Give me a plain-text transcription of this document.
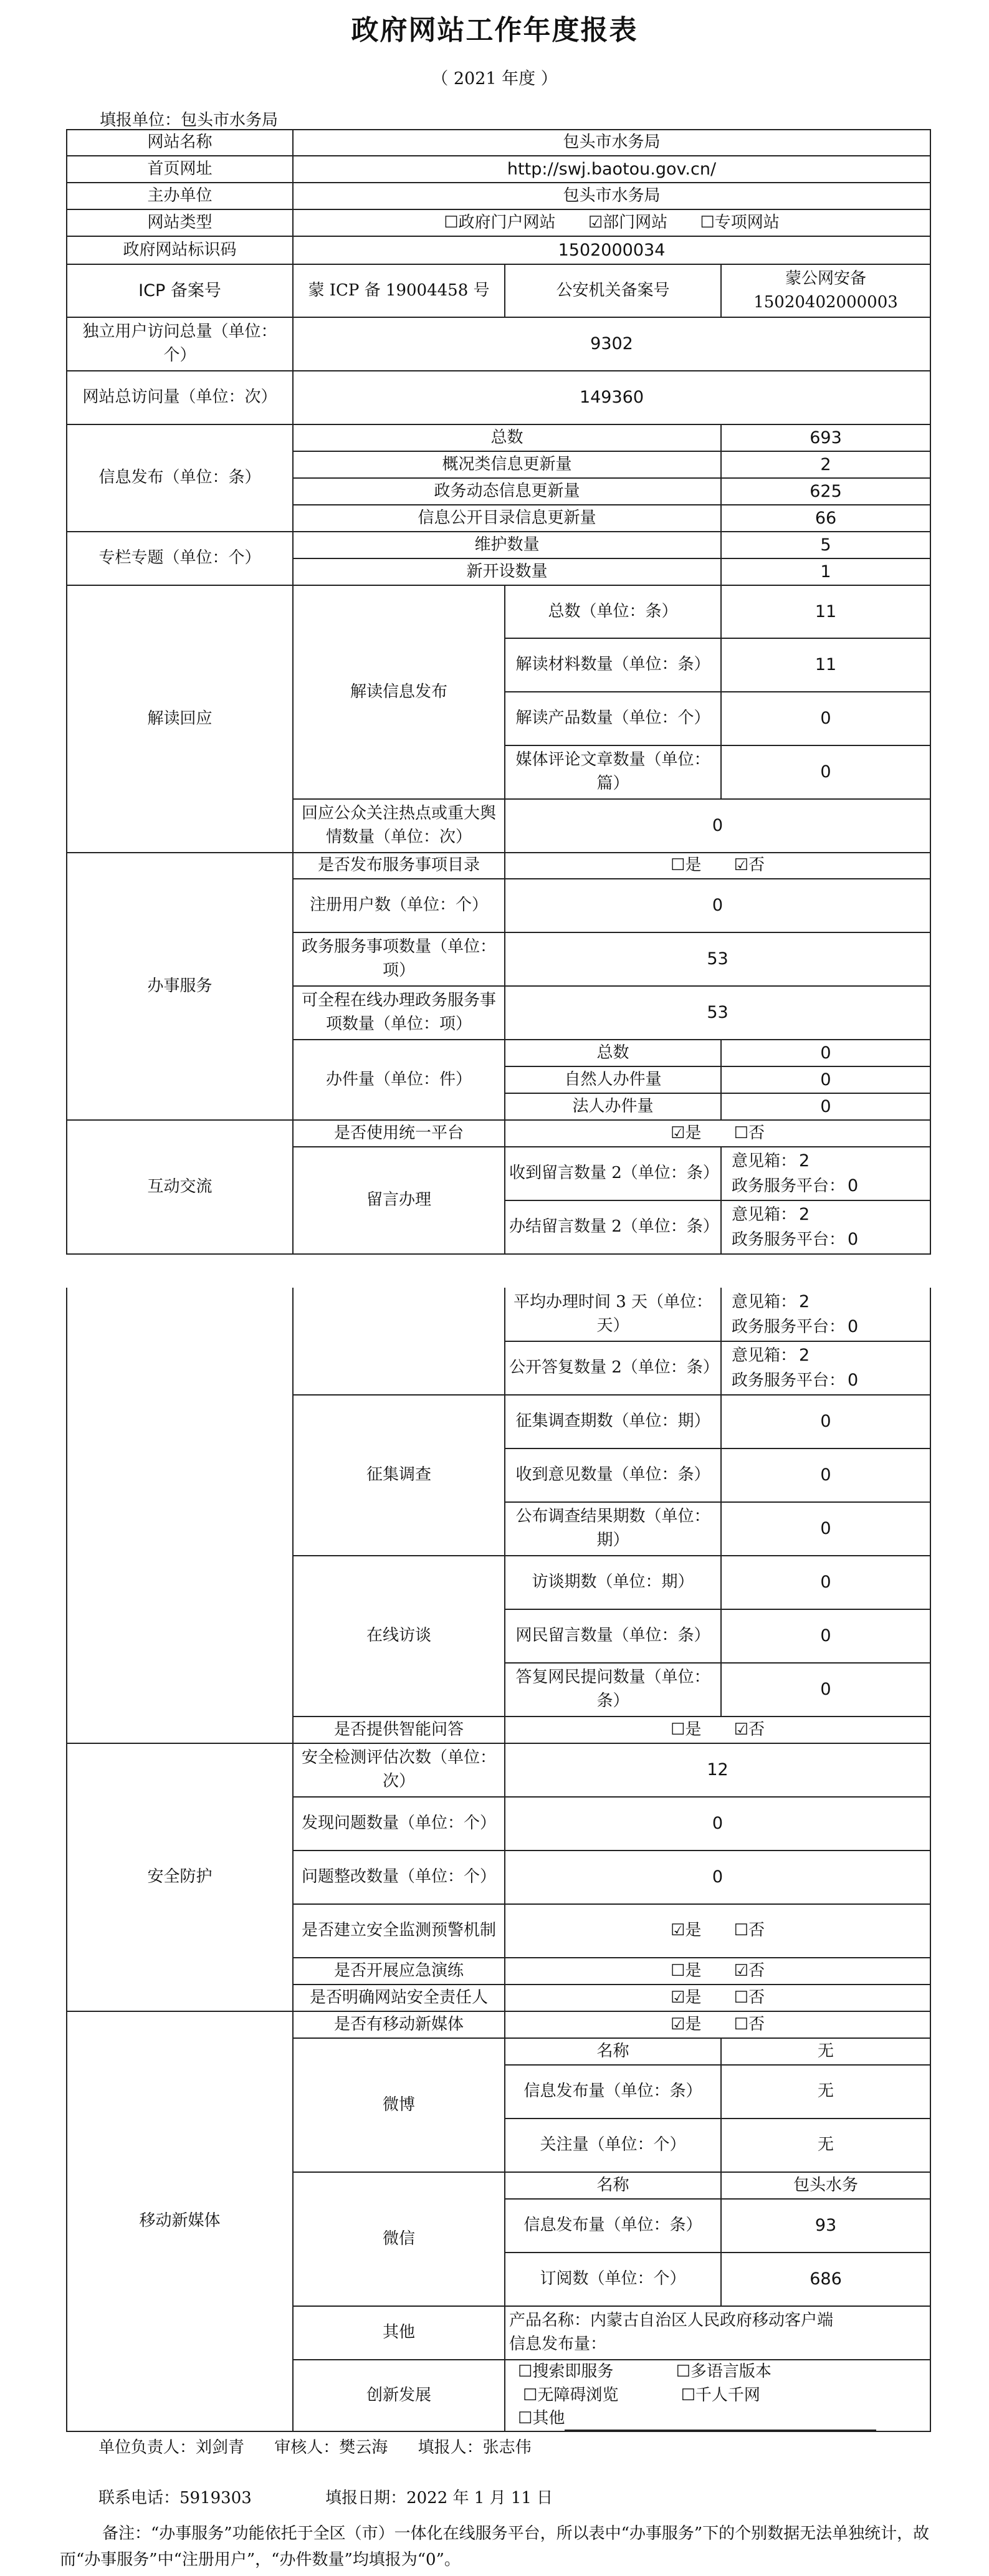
政府网站工作年度报表
（ 2021 年度 ）
填报单位：包头市水务局
网站名称	包头市水务局		
首页网址	http://swj.baotou.gov.cn/		
主办单位	包头市水务局		
网站类型	☐政府门户网站 ☑部门网站 ☐专项网站		
政府网站标识码	1502000034		
ICP 备案号	蒙 ICP 备 19004458 号	公安机关备案号	蒙公网安备 15020402000003
独立用户访问总量（单位：个）	9302		
网站总访问量（单位：次）	149360		
信息发布（单位：条）	总数		693
	概况类信息更新量		2
	政务动态信息更新量		625
	信息公开目录信息更新量		66
专栏专题（单位：个）	维护数量		5
	新开设数量		1
解读回应	解读信息发布	总数（单位：条）	11
		解读材料数量（单位：条）	11
		解读产品数量（单位：个）	0
		媒体评论文章数量（单位：篇）	0
	回应公众关注热点或重大舆情数量（单位：次）	0	
办事服务	是否发布服务事项目录	☐是 ☑否	
	注册用户数（单位：个）	0	
	政务服务事项数量（单位：项）	53	
	可全程在线办理政务服务事项数量（单位：项）	53	
	办件量（单位：件）	总数	0
		自然人办件量	0
		法人办件量	0
互动交流	是否使用统一平台	☑是 ☐否	
	留言办理	收到留言数量 2（单位：条）	意见箱： 2
政务服务平台： 0

		办结留言数量 2（单位：条）	意见箱： 2
政务服务平台： 0
		平均办理时间 3 天（单位：天）	意见箱： 2
政务服务平台： 0

		公开答复数量 2（单位：条）	意见箱： 2
政务服务平台： 0

	征集调查	征集调查期数（单位：期）	0
		收到意见数量（单位：条）	0
		公布调查结果期数（单位：期）	0
	在线访谈	访谈期数（单位：期）	0
		网民留言数量（单位：条）	0
		答复网民提问数量（单位：条）	0
	是否提供智能问答	☐是 ☑否	
安全防护	安全检测评估次数（单位：次）	12	
	发现问题数量（单位：个）	0	
	问题整改数量（单位：个）	0	
	是否建立安全监测预警机制	☑是 ☐否	
	是否开展应急演练	☐是 ☑否	
	是否明确网站安全责任人	☑是 ☐否	
移动新媒体	是否有移动新媒体	☑是 ☐否	
	微博	名称	无
		信息发布量（单位：条）	无
		关注量（单位：个）	无
	微信	名称	包头水务
		信息发布量（单位：条）	93
		订阅数（单位：个）	686
	其他	产品名称：内蒙古自治区人民政府移动客户端
信息发布量：	

	创新发展	☐搜索即服务 ☐多语言版本 ☐无障碍浏览 ☐千人千网
☐其他	
单位负责人：刘剑青 审核人：樊云海 填报人：张志伟
联系电话：5919303	填报日期：2022 年 1 月 11 日
备注：“办事服务”功能依托于全区（市）一体化在线服务平台，所以表中“办事服务”下的个别数据无法单独统计，故而“办事服务”中“注册用户”，“办件数量”均填报为“0”。
